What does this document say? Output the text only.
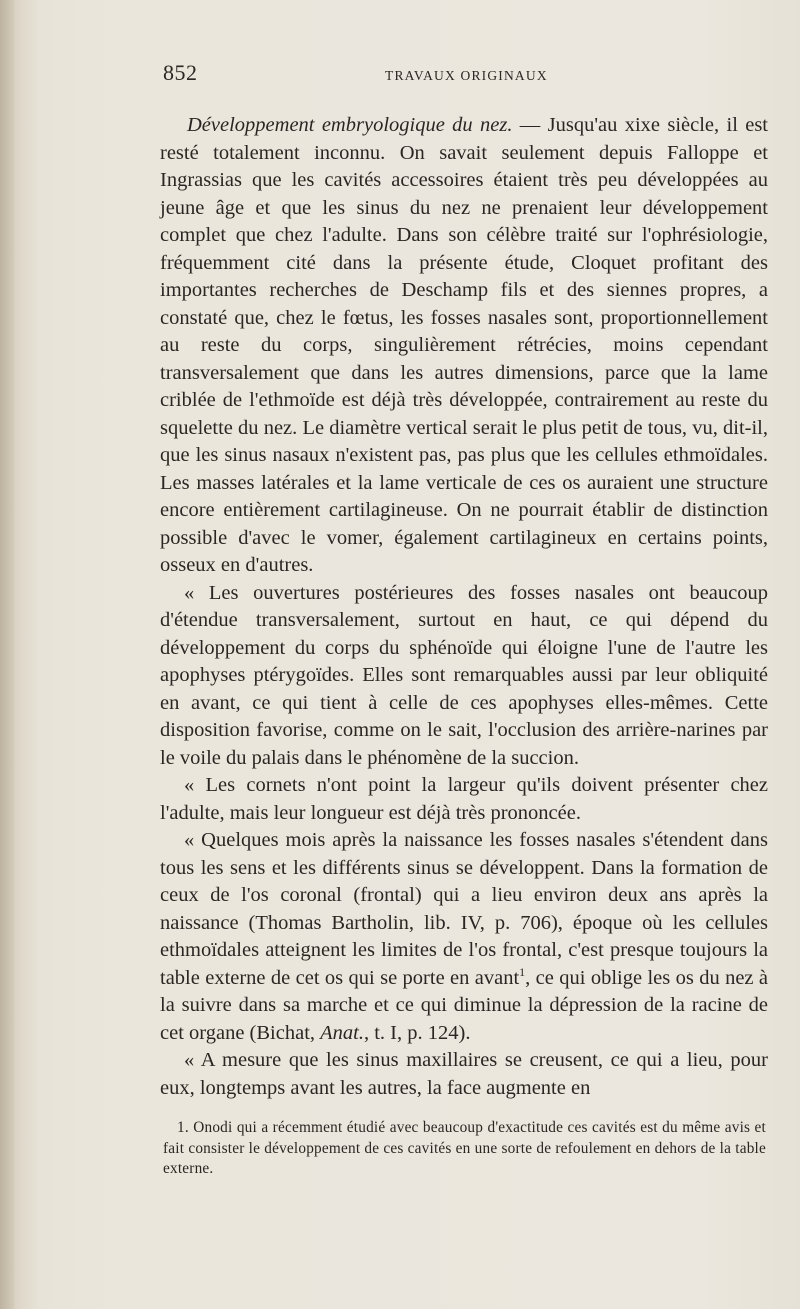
852	TRAVAUX ORIGINAUX

Développement embryologique du nez. — Jusqu'au xixe siècle, il est resté totalement inconnu. On savait seulement depuis Falloppe et Ingrassias que les cavités accessoires étaient très peu développées au jeune âge et que les sinus du nez ne prenaient leur développement complet que chez l'adulte. Dans son célèbre traité sur l'ophrésiologie, fréquemment cité dans la présente étude, Cloquet profitant des importantes recherches de Deschamp fils et des siennes propres, a constaté que, chez le fœtus, les fosses nasales sont, proportionnellement au reste du corps, singulièrement rétrécies, moins cependant transversalement que dans les autres dimensions, parce que la lame criblée de l'ethmoïde est déjà très développée, contrairement au reste du squelette du nez. Le diamètre vertical serait le plus petit de tous, vu, dit-il, que les sinus nasaux n'existent pas, pas plus que les cellules ethmoïdales. Les masses latérales et la lame verticale de ces os auraient une structure encore entièrement cartilagineuse. On ne pourrait établir de distinction possible d'avec le vomer, également cartilagineux en certains points, osseux en d'autres.

« Les ouvertures postérieures des fosses nasales ont beaucoup d'étendue transversalement, surtout en haut, ce qui dépend du développement du corps du sphénoïde qui éloigne l'une de l'autre les apophyses ptérygoïdes. Elles sont remarquables aussi par leur obliquité en avant, ce qui tient à celle de ces apophyses elles-mêmes. Cette disposition favorise, comme on le sait, l'occlusion des arrière-narines par le voile du palais dans le phénomène de la succion.

« Les cornets n'ont point la largeur qu'ils doivent présenter chez l'adulte, mais leur longueur est déjà très prononcée.

« Quelques mois après la naissance les fosses nasales s'étendent dans tous les sens et les différents sinus se développent. Dans la formation de ceux de l'os coronal (frontal) qui a lieu environ deux ans après la naissance (Thomas Bartholin, lib. IV, p. 706), époque où les cellules ethmoïdales atteignent les limites de l'os frontal, c'est presque toujours la table externe de cet os qui se porte en avant$^1$, ce qui oblige les os du nez à la suivre dans sa marche et ce qui diminue la dépression de la racine de cet organe (Bichat, Anat., t. I, p. 124).

« A mesure que les sinus maxillaires se creusent, ce qui a lieu, pour eux, longtemps avant les autres, la face augmente en

1. Onodi qui a récemment étudié avec beaucoup d'exactitude ces cavités est du même avis et fait consister le développement de ces cavités en une sorte de refoulement en dehors de la table externe.
